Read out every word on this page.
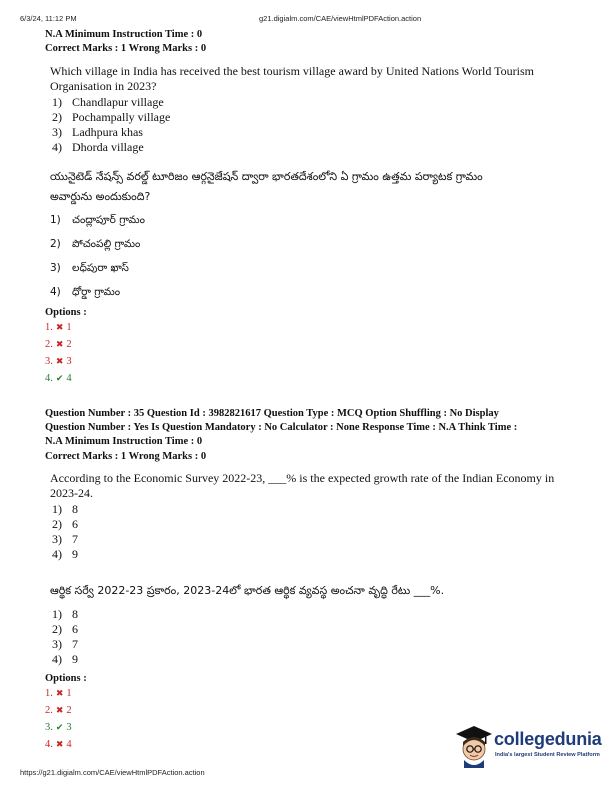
6/3/24, 11:12 PM	g21.digialm.com/CAE/viewHtmlPDFAction.action
N.A Minimum Instruction Time : 0
Correct Marks : 1 Wrong Marks : 0
Which village in India has received the best tourism village award by United Nations World Tourism Organisation in 2023?
1) Chandlapur village
2) Pochampally village
3) Ladhpura khas
4) Dhorda village
యునైటెడ్ నేషన్స్ వరల్డ్ టూరిజం ఆర్గనైజేషన్ ద్వారా భారతదేశంలోని ఏ గ్రామం ఉత్తమ పర్యాటక గ్రామం
అవార్డును అందుకుంది?
1) చంద్లాపూర్ గ్రామం
2) పోచంపల్లి గ్రామం
3) లధ్‌పురా ఖాస్
4) ధోర్డా గ్రామం
Options :
1. ✖ 1
2. ✖ 2
3. ✖ 3
4. ✔ 4
Question Number : 35 Question Id : 3982821617 Question Type : MCQ Option Shuffling : No Display
Question Number : Yes Is Question Mandatory : No Calculator : None Response Time : N.A Think Time :
N.A Minimum Instruction Time : 0
Correct Marks : 1 Wrong Marks : 0
According to the Economic Survey 2022-23, ___% is the expected growth rate of the Indian Economy in 2023-24.
1) 8
2) 6
3) 7
4) 9
ఆర్థిక సర్వే 2022-23 ప్రకారం, 2023-24లో భారత ఆర్థిక వ్యవస్థ అంచనా వృద్ధి రేటు ___%.
1) 8
2) 6
3) 7
4) 9
Options :
1. ✖ 1
2. ✖ 2
3. ✔ 3
4. ✖ 4
https://g21.digialm.com/CAE/viewHtmlPDFAction.action
collegedunia
India's largest Student Review Platform
